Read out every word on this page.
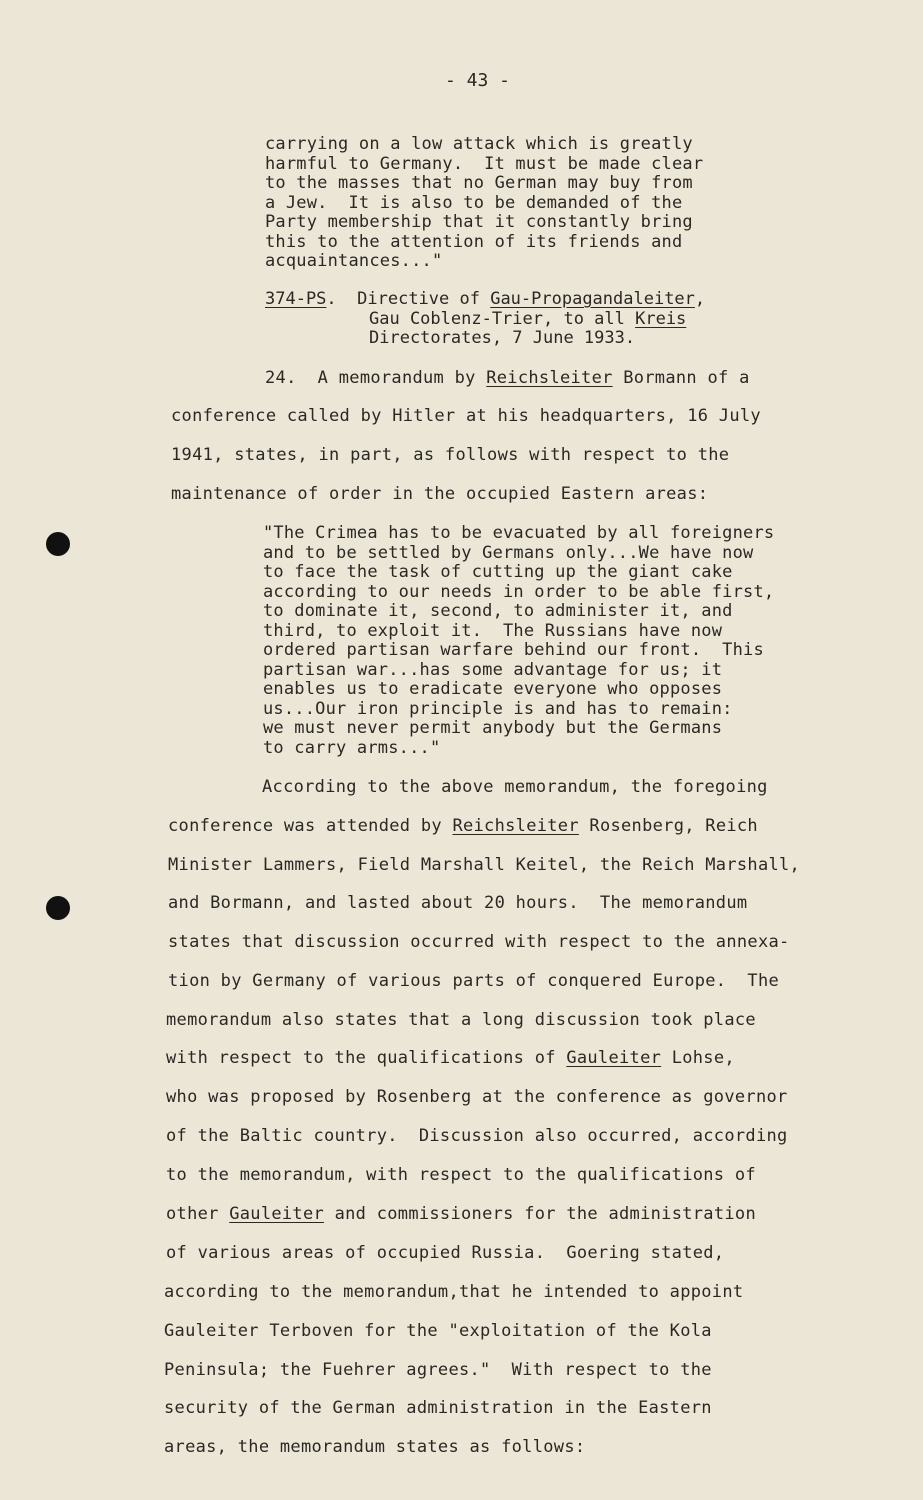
- 43 -
carrying on a low attack which is greatly
harmful to Germany.  It must be made clear
to the masses that no German may buy from
a Jew.  It is also to be demanded of the
Party membership that it constantly bring
this to the attention of its friends and
acquaintances..."
374-PS.  Directive of Gau-Propagandaleiter,
Gau Coblenz-Trier, to all Kreis
Directorates, 7 June 1933.
24.  A memorandum by Reichsleiter Bormann of a
conference called by Hitler at his headquarters, 16 July
1941, states, in part, as follows with respect to the
maintenance of order in the occupied Eastern areas:
"The Crimea has to be evacuated by all foreigners
and to be settled by Germans only...We have now
to face the task of cutting up the giant cake
according to our needs in order to be able first,
to dominate it, second, to administer it, and
third, to exploit it.  The Russians have now
ordered partisan warfare behind our front.  This
partisan war...has some advantage for us; it
enables us to eradicate everyone who opposes
us...Our iron principle is and has to remain:
we must never permit anybody but the Germans
to carry arms..."
According to the above memorandum, the foregoing
conference was attended by Reichsleiter Rosenberg, Reich
Minister Lammers, Field Marshall Keitel, the Reich Marshall,
and Bormann, and lasted about 20 hours.  The memorandum
states that discussion occurred with respect to the annexa-
tion by Germany of various parts of conquered Europe.  The
memorandum also states that a long discussion took place
with respect to the qualifications of Gauleiter Lohse,
who was proposed by Rosenberg at the conference as governor
of the Baltic country.  Discussion also occurred, according
to the memorandum, with respect to the qualifications of
other Gauleiter and commissioners for the administration
of various areas of occupied Russia.  Goering stated,
according to the memorandum,that he intended to appoint
Gauleiter Terboven for the "exploitation of the Kola
Peninsula; the Fuehrer agrees."  With respect to the
security of the German administration in the Eastern
areas, the memorandum states as follows:
